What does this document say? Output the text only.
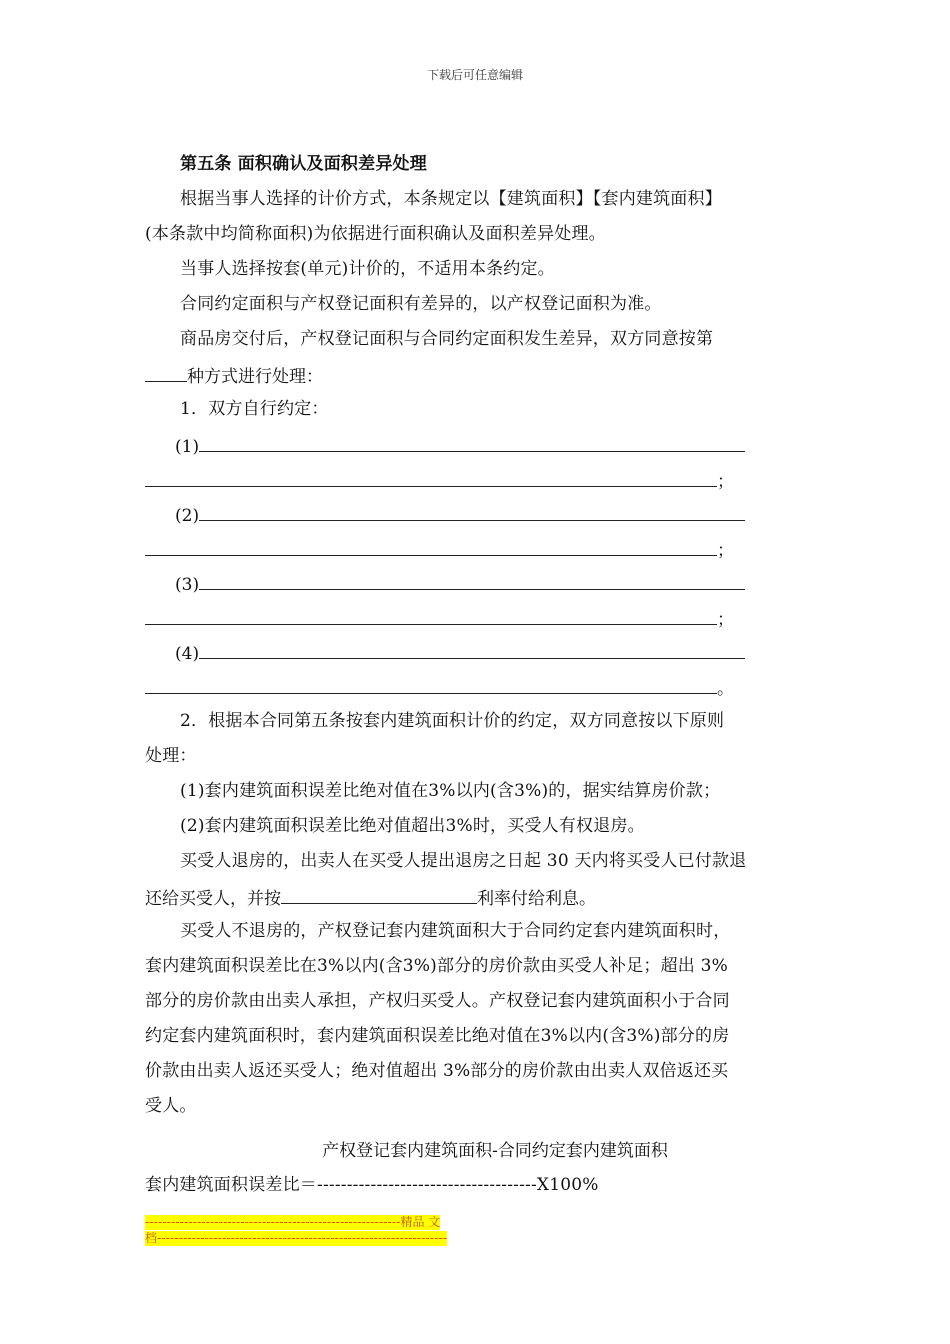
下载后可任意编辑
第五条 面积确认及面积差异处理
根据当事人选择的计价方式，本条规定以【建筑面积】【套内建筑面积】
(本条款中均简称面积)为依据进行面积确认及面积差异处理。
当事人选择按套(单元)计价的，不适用本条约定。
合同约定面积与产权登记面积有差异的，以产权登记面积为准。
商品房交付后，产权登记面积与合同约定面积发生差异，双方同意按第
种方式进行处理：
1．双方自行约定：
(1)
；
(2)
；
(3)
；
(4)
。
2．根据本合同第五条按套内建筑面积计价的约定，双方同意按以下原则
处理：
(1)套内建筑面积误差比绝对值在3%以内(含3%)的，据实结算房价款；
(2)套内建筑面积误差比绝对值超出3%时，买受人有权退房。
买受人退房的，出卖人在买受人提出退房之日起 30 天内将买受人已付款退
还给买受人，并按	利率付给利息。
买受人不退房的，产权登记套内建筑面积大于合同约定套内建筑面积时，
套内建筑面积误差比在3%以内(含3%)部分的房价款由买受人补足；超出 3%
部分的房价款由出卖人承担，产权归买受人。产权登记套内建筑面积小于合同
约定套内建筑面积时，套内建筑面积误差比绝对值在3%以内(含3%)部分的房
价款由出卖人返还买受人；绝对值超出 3%部分的房价款由出卖人双倍返还买
受人。
产权登记套内建筑面积-合同约定套内建筑面积
套内建筑面积误差比＝-------------------------------------X100%
-----------------------------------------------------------精品 文
档-------------------------------------------------------------------
